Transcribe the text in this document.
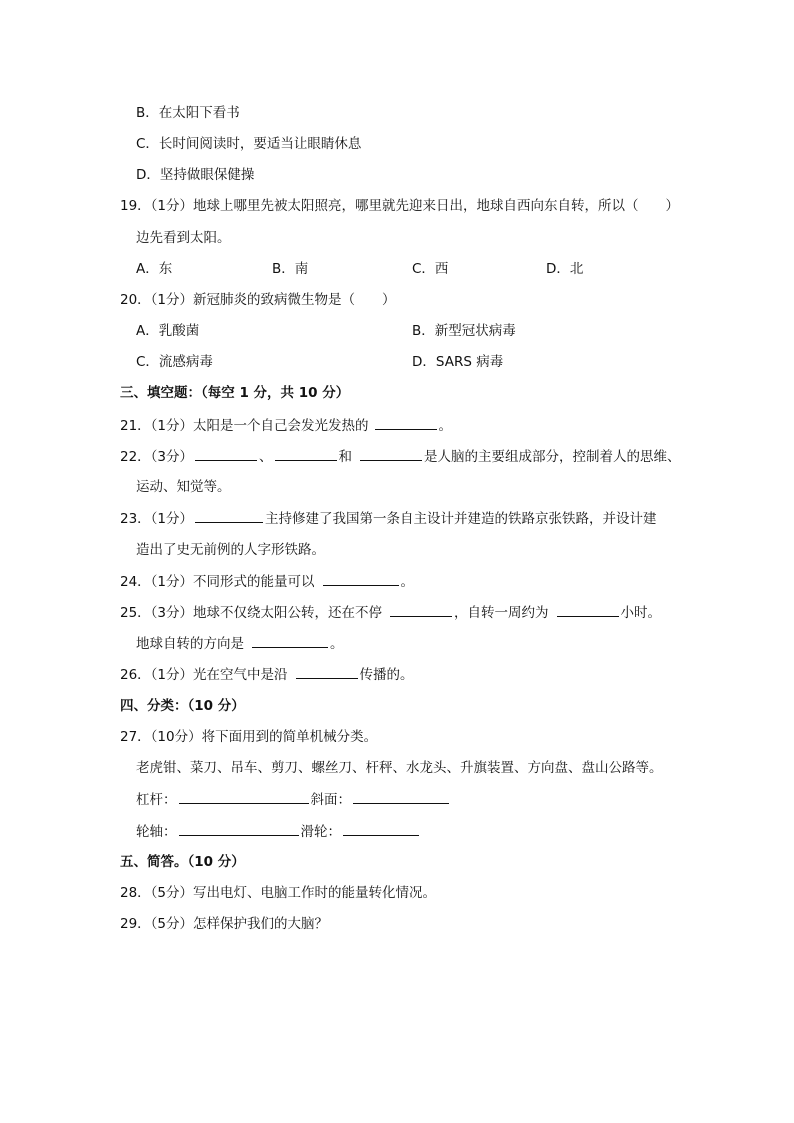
B．在太阳下看书
C．长时间阅读时，要适当让眼睛休息
D．坚持做眼保健操
19．（1分）地球上哪里先被太阳照亮，哪里就先迎来日出，地球自西向东自转，所以（　　）
边先看到太阳。
A．东	B．南	C．西	D．北
20．（1分）新冠肺炎的致病微生物是（　　）
A．乳酸菌	B．新型冠状病毒
C．流感病毒	D．SARS 病毒
三、填空题：（每空 1 分，共 10 分）
21．（1分）太阳是一个自己会发光发热的	。
22．（3分）	、	和	是人脑的主要组成部分，控制着人的思维、
运动、知觉等。
23．（1分）	主持修建了我国第一条自主设计并建造的铁路京张铁路，并设计建
造出了史无前例的人字形铁路。
24．（1分）不同形式的能量可以	。
25．（3分）地球不仅绕太阳公转，还在不停	，自转一周约为	小时。
地球自转的方向是	。
26．（1分）光在空气中是沿	传播的。
四、分类：（10 分）
27．（10分）将下面用到的简单机械分类。
老虎钳、菜刀、吊车、剪刀、螺丝刀、杆秤、水龙头、升旗装置、方向盘、盘山公路等。
杠杆：	斜面：
轮轴：	滑轮：
五、简答。（10 分）
28．（5分）写出电灯、电脑工作时的能量转化情况。
29．（5分）怎样保护我们的大脑？
